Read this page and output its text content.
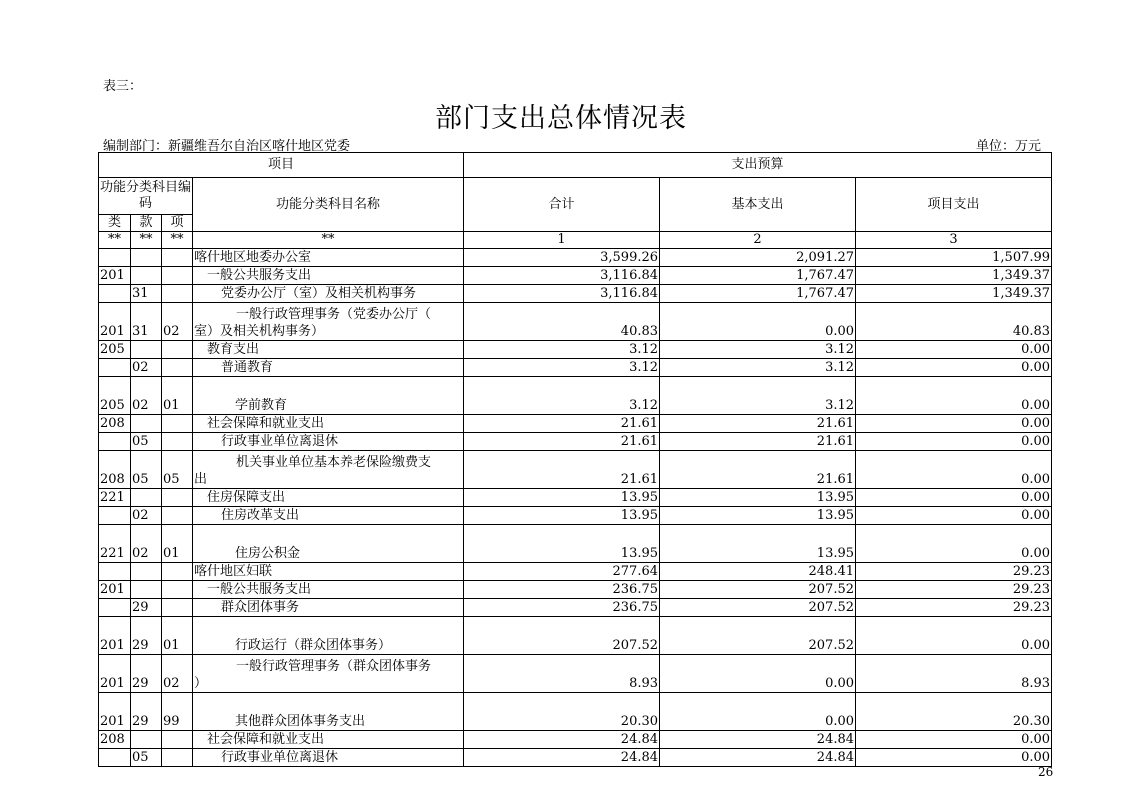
表三：
部门支出总体情况表
编制部门：新疆维吾尔自治区喀什地区党委	单位：万元
项目				支出预算		
功能分类科目编码			功能分类科目名称	合计	基本支出	项目支出
类	款	项				
**	**	**	**	1	2	3
			喀什地区地委办公室	3,599.26	2,091.27	1,507.99
201			一般公共服务支出	3,116.84	1,767.47	1,349.37
	31		党委办公厅（室）及相关机构事务	3,116.84	1,767.47	1,349.37
201	31	02	一般行政管理事务（党委办公厅（
室）及相关机构事务）	40.83	0.00	40.83
205			教育支出	3.12	3.12	0.00
	02		普通教育	3.12	3.12	0.00
205	02	01	学前教育	3.12	3.12	0.00
208			社会保障和就业支出	21.61	21.61	0.00
	05		行政事业单位离退休	21.61	21.61	0.00
208	05	05	机关事业单位基本养老保险缴费支
出	21.61	21.61	0.00
221			住房保障支出	13.95	13.95	0.00
	02		住房改革支出	13.95	13.95	0.00
221	02	01	住房公积金	13.95	13.95	0.00
			喀什地区妇联	277.64	248.41	29.23
201			一般公共服务支出	236.75	207.52	29.23
	29		群众团体事务	236.75	207.52	29.23
201	29	01	行政运行（群众团体事务）	207.52	207.52	0.00
201	29	02	一般行政管理事务（群众团体事务
）	8.93	0.00	8.93
201	29	99	其他群众团体事务支出	20.30	0.00	20.30
208			社会保障和就业支出	24.84	24.84	0.00
	05		行政事业单位离退休	24.84	24.84	0.00
26
